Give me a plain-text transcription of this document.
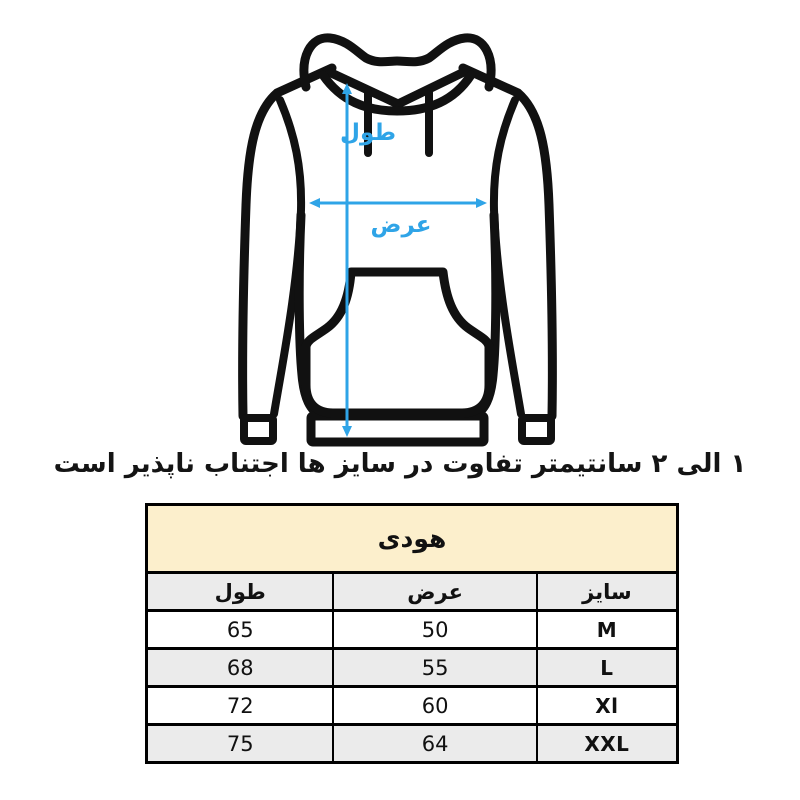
طول
عرض
۱ الی ۲ سانتیمتر تفاوت در سایز ها اجتناب ناپذیر است
هودی		
سایز	عرض	طول
M	50	65
L	55	68
Xl	60	72
XXL	64	75
